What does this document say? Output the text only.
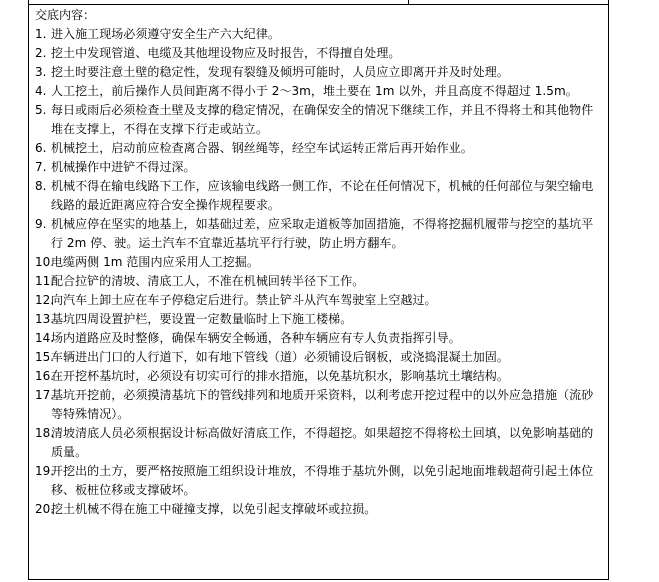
交底内容：
1. 进入施工现场必须遵守安全生产六大纪律。
2. 挖土中发现管道、电缆及其他埋设物应及时报告，不得擅自处理。
3. 挖土时要注意土壁的稳定性，发现有裂缝及倾坍可能时，人员应立即离开并及时处理。
4. 人工挖土，前后操作人员间距离不得小于 2～3m，堆土要在 1m 以外，并且高度不得超过 1.5m。
5. 每日或雨后必须检查土壁及支撑的稳定情况，在确保安全的情况下继续工作，并且不得将土和其他物件堆在支撑上，不得在支撑下行走或站立。
6. 机械挖土，启动前应检查离合器、钢丝绳等，经空车试运转正常后再开始作业。
7. 机械操作中进铲不得过深。
8. 机械不得在输电线路下工作，应该输电线路一侧工作，不论在任何情况下，机械的任何部位与架空输电线路的最近距离应符合安全操作规程要求。
9. 机械应停在坚实的地基上，如基础过差，应采取走道板等加固措施，不得将挖掘机履带与挖空的基坑平行 2m 停、驶。运土汽车不宜靠近基坑平行行驶，防止坍方翻车。
10.
电缆两侧 1m 范围内应采用人工挖掘。
11.
配合拉铲的清坡、清底工人，不准在机械回转半径下工作。
12.
向汽车上卸土应在车子停稳定后进行。禁止铲斗从汽车驾驶室上空越过。
13.
基坑四周设置护栏，要设置一定数量临时上下施工楼梯。
14.
场内道路应及时整修，确保车辆安全畅通，各种车辆应有专人负责指挥引导。
15.
车辆进出门口的人行道下，如有地下管线（道）必须铺设后钢板，或浇捣混凝土加固。
16.
在开挖杯基坑时，必须设有切实可行的排水措施，以免基坑积水，影响基坑土壤结构。
17.
基坑开挖前，必须摸清基坑下的管线排列和地质开采资料，以利考虑开挖过程中的以外应急措施（流砂等特殊情况）。
18.
清坡清底人员必须根据设计标高做好清底工作，不得超挖。如果超挖不得将松土回填，以免影响基础的质量。
19.
开挖出的土方，要严格按照施工组织设计堆放，不得堆于基坑外侧，以免引起地面堆载超荷引起土体位移、板桩位移或支撑破坏。
20.
挖土机械不得在施工中碰撞支撑，以免引起支撑破坏或拉损。
